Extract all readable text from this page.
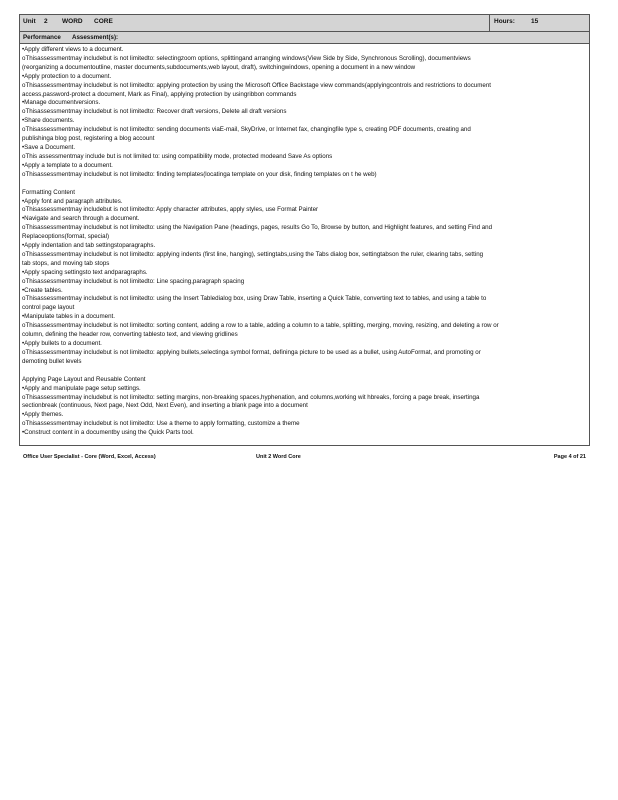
Unit 2 WORD CORE	Hours: 15
Performance Assessment(s):
•Apply different views to a document.
oThisassessmentmay includebut is not limitedto: selectingzoom options, splittingand arranging windows(View Side by Side, Synchronous Scrolling), documentviews
(reorganizing a documentoutline, master documents,subdocuments,web layout, draft), switchingwindows, opening a document in a new window
•Apply protection to a document.
oThisassessmentmay includebut is not limitedto: applying protection by using the Microsoft Office Backstage view commands(applyingcontrols and restrictions to document
access,password-protect a document, Mark as Final), applying protection by usingribbon commands
•Manage documentversions.
oThisassessmentmay includebut is not limitedto: Recover draft versions, Delete all draft versions
•Share documents.
oThisassessmentmay includebut is not limitedto: sending documents viaE-mail, SkyDrive, or Internet fax, changingfile type s, creating PDF documents, creating and
publishinga blog post, registering a blog account
•Save a Document.
oThis assessmentmay include but is not limited to: using compatibility mode, protected modeand Save As options
•Apply a template to a document.
oThisassessmentmay includebut is not limitedto: finding templates(locatinga template on your disk, finding templates on t he web)
Formatting Content
•Apply font and paragraph attributes.
oThisassessmentmay includebut is not limitedto: Apply character attributes, apply styles, use Format Painter
•Navigate and search through a document.
oThisassessmentmay includebut is not limitedto: using the Navigation Pane (headings, pages, results Go To, Browse by button, and Highlight features, and setting Find and
Replaceoptions(format, special)
•Apply indentation and tab settingstoparagraphs.
oThisassessmentmay includebut is not limitedto: applying indents (first line, hanging), settingtabs,using the Tabs dialog box, settingtabson the ruler, clearing tabs, setting
tab stops, and moving tab stops
•Apply spacing settingsto text andparagraphs.
oThisassessmentmay includebut is not limitedto: Line spacing,paragraph spacing
•Create tables.
oThisassessmentmay includebut is not limitedto: using the Insert Tabledialog box, using Draw Table, inserting a Quick Table, converting text to tables, and using a table to
control page layout
•Manipulate tables in a document.
oThisassessmentmay includebut is not limitedto: sorting content, adding a row to a table, adding a column to a table, splitting, merging, moving, resizing, and deleting a row or
column, defining the header row, converting tablesto text, and viewing gridlines
•Apply bullets to a document.
oThisassessmentmay includebut is not limitedto: applying bullets,selectinga symbol format, defininga picture to be used as a bullet, using AutoFormat, and promoting or
demoting bullet levels
Applying Page Layout and Reusable Content
•Apply and manipulate page setup settings.
oThisassessmentmay includebut is not limitedto: setting margins, non-breaking spaces,hyphenation, and columns,working wit hbreaks, forcing a page break, insertinga
sectionbreak (continuous, Next page, Next Odd, Next Even), and inserting a blank page into a document
•Apply themes.
oThisassessmentmay includebut is not limitedto: Use a theme to apply formatting, customize a theme
•Construct content in a documentby using the Quick Parts tool.
Office User Specialist - Core (Word, Excel, Access)	Unit 2 Word Core	Page 4 of 21
